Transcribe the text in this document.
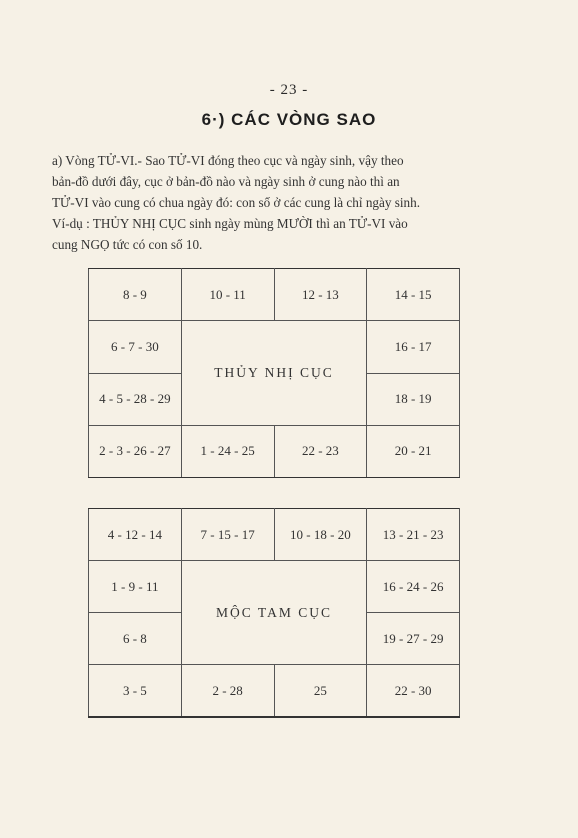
- 23 -
6·) CÁC VÒNG SAO
a) Vòng TỬ-VI.- Sao TỬ-VI đóng theo cục và ngày sinh, vậy theo
bản-đồ dưới đây, cục ở bản-đồ nào và ngày sinh ở cung nào thì an
TỬ-VI vào cung có chua ngày đó: con số ở các cung là chỉ ngày sinh.
Ví-dụ : THỦY NHỊ CỤC sinh ngày mùng MƯỜI thì an TỬ-VI vào
cung NGỌ tức có con số 10.
8 - 9	10 - 11	12 - 13	14 - 15
6 - 7 - 30	THỦY NHỊ CỤC		16 - 17
4 - 5 - 28 - 29			18 - 19
2 - 3 - 26 - 27	1 - 24 - 25	22 - 23	20 - 21
4 - 12 - 14	7 - 15 - 17	10 - 18 - 20	13 - 21 - 23
1 - 9 - 11	MỘC TAM CỤC		16 - 24 - 26
6 - 8			19 - 27 - 29
3 - 5	2 - 28	25	22 - 30
